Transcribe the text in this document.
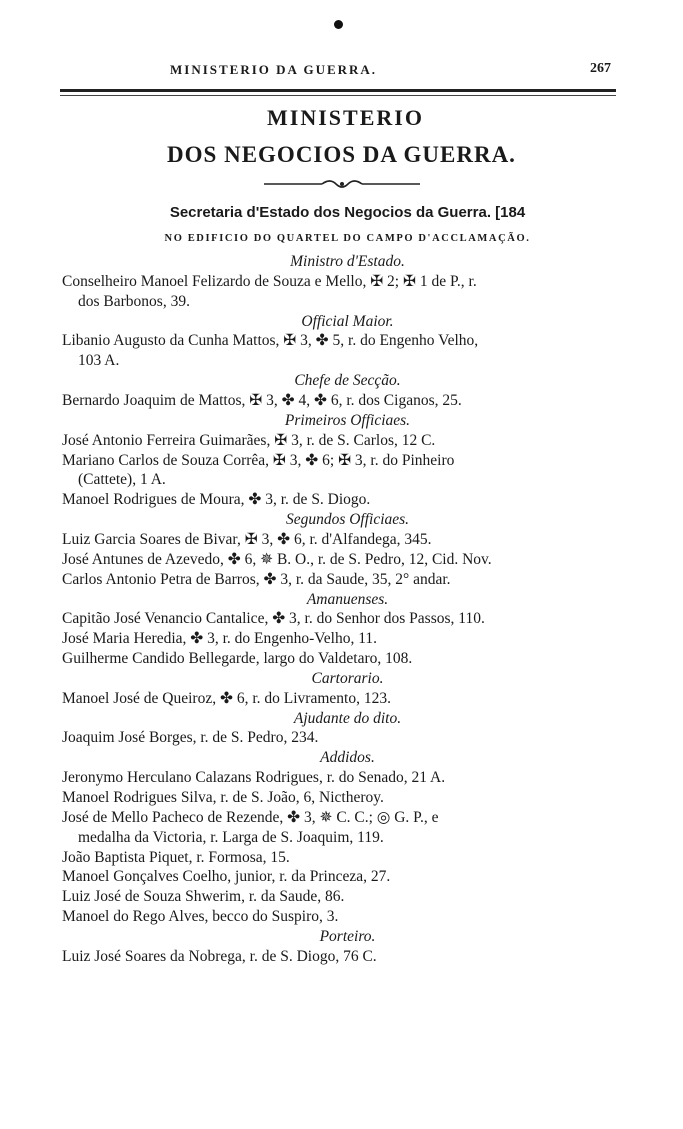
MINISTERIO DA GUERRA.	267
MINISTERIO
DOS NEGOCIOS DA GUERRA.
Secretaria d'Estado dos Negocios da Guerra. [184
NO EDIFICIO DO QUARTEL DO CAMPO D'ACCLAMAÇÃO.
Ministro d'Estado.
Conselheiro Manoel Felizardo de Souza e Mello, ✠ 2; ✠ 1 de P., r.
dos Barbonos, 39.
Official Maior.
Libanio Augusto da Cunha Mattos, ✠ 3, ✤ 5, r. do Engenho Velho,
103 A.
Chefe de Secção.
Bernardo Joaquim de Mattos, ✠ 3, ✤ 4, ✤ 6, r. dos Ciganos, 25.
Primeiros Officiaes.
José Antonio Ferreira Guimarães, ✠ 3, r. de S. Carlos, 12 C.
Mariano Carlos de Souza Corrêa, ✠ 3, ✤ 6; ✠ 3, r. do Pinheiro
(Cattete), 1 A.
Manoel Rodrigues de Moura, ✤ 3, r. de S. Diogo.
Segundos Officiaes.
Luiz Garcia Soares de Bivar, ✠ 3, ✤ 6, r. d'Alfandega, 345.
José Antunes de Azevedo, ✤ 6, ✵ B. O., r. de S. Pedro, 12, Cid. Nov.
Carlos Antonio Petra de Barros, ✤ 3, r. da Saude, 35, 2° andar.
Amanuenses.
Capitão José Venancio Cantalice, ✤ 3, r. do Senhor dos Passos, 110.
José Maria Heredia, ✤ 3, r. do Engenho-Velho, 11.
Guilherme Candido Bellegarde, largo do Valdetaro, 108.
Cartorario.
Manoel José de Queiroz, ✤ 6, r. do Livramento, 123.
Ajudante do dito.
Joaquim José Borges, r. de S. Pedro, 234.
Addidos.
Jeronymo Herculano Calazans Rodrigues, r. do Senado, 21 A.
Manoel Rodrigues Silva, r. de S. João, 6, Nictheroy.
José de Mello Pacheco de Rezende, ✤ 3, ✵ C. C.; ◎ G. P., e
medalha da Victoria, r. Larga de S. Joaquim, 119.
João Baptista Piquet, r. Formosa, 15.
Manoel Gonçalves Coelho, junior, r. da Princeza, 27.
Luiz José de Souza Shwerim, r. da Saude, 86.
Manoel do Rego Alves, becco do Suspiro, 3.
Porteiro.
Luiz José Soares da Nobrega, r. de S. Diogo, 76 C.
